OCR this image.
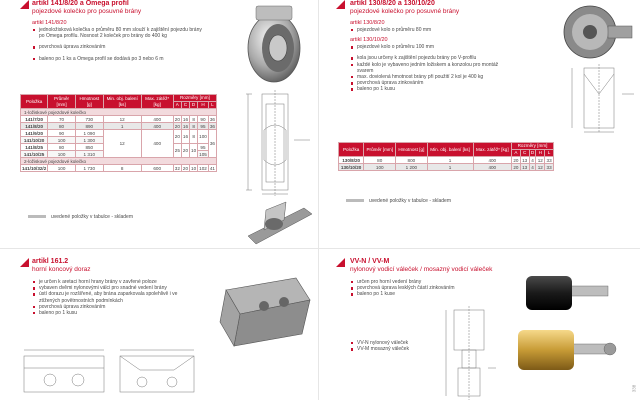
artikl 141/8/20 a Omega profil
pojezdové kolečko pro posuvné brány
artikl 141/8/20
jednoložisková kolečka o průměru 80 mm slouží k zajištění pojezdu brány po Omega profilu. Nosnost 2 koleček pro brány do 400 kg
povrchová úprava zinkováním
baleno po 1 ks a Omega profil se dodává po 3 nebo 6 m
Položka	Průměr [mm]	Hmotnost [g]	Min. obj. balení [ks]	Max. zátěž* [kg]	Rozměry [mm]				
					A	C	D	H	L
1-ložiskové pojezdové kolečko									
141/7/20	70	730	12	400	20	16	8	90	36
141/8/20	80	890	1	400	20	16	8	95	36
141/9/20	90	1 090	12	400	20	16	8	100	36
141/10/20	100	1 300							
141/8/25	80	850			25	20	10	95	
141/10/25	100	1 310						105	
2-ložiskové pojezdové kolečko									
141/10/32/2	100	1 730	8	600	32	20	10	102	41
uvedené položky v tabulce - skladem
artikl 130/8/20 a 130/10/20
pojezdové kolečko pro posuvné brány
artikl 130/8/20
pojezdové kolo o průměru 80 mm
artikl 130/10/20
pojezdové kolo o průměru 100 mm
kola jsou určeny k zajištění pojezdu brány po V-profilu
každé kolo je vybaveno jedním ložiskem a konzolou pro montáž svarem
max. doviolená hmotnost brány při použití 2 kol je 400 kg
povrchová úprava zinkováním
baleno po 1 kusu
Položka	Průměr [mm]	Hmotnost [g]	Min. obj. balení [ks]	Max. zátěž* [kg]	Rozměry [mm]				
					A	C	D	H	L
130/8/20	80	800	1	400	20	13	4	12	33
130/10/20	100	1 200	1	400	20	13	4	12	33
uvedené položky v tabulce - skladem
artikl 161.2
horní koncový doraz
je určen k aretaci horní hrany brány v zavřené poloze
vybaven dvěmi nylonovými válci pro snadné vedení brány
ústí dorazu je rozšířené, aby brána zaparkovala spolehlivě i ve ztížených povětrnostních podmínkách
povrchová úprava zinkováním
baleno po 1 kusu
VV-N / VV-M
nylonový vodicí váleček / mosazný vodicí váleček
určen pro horní vedení brány
povrchová úprava lesklých částí zinkováním
baleno po 1 kuse
VV-N nylonový váleček
VV-M mosazný váleček
338
